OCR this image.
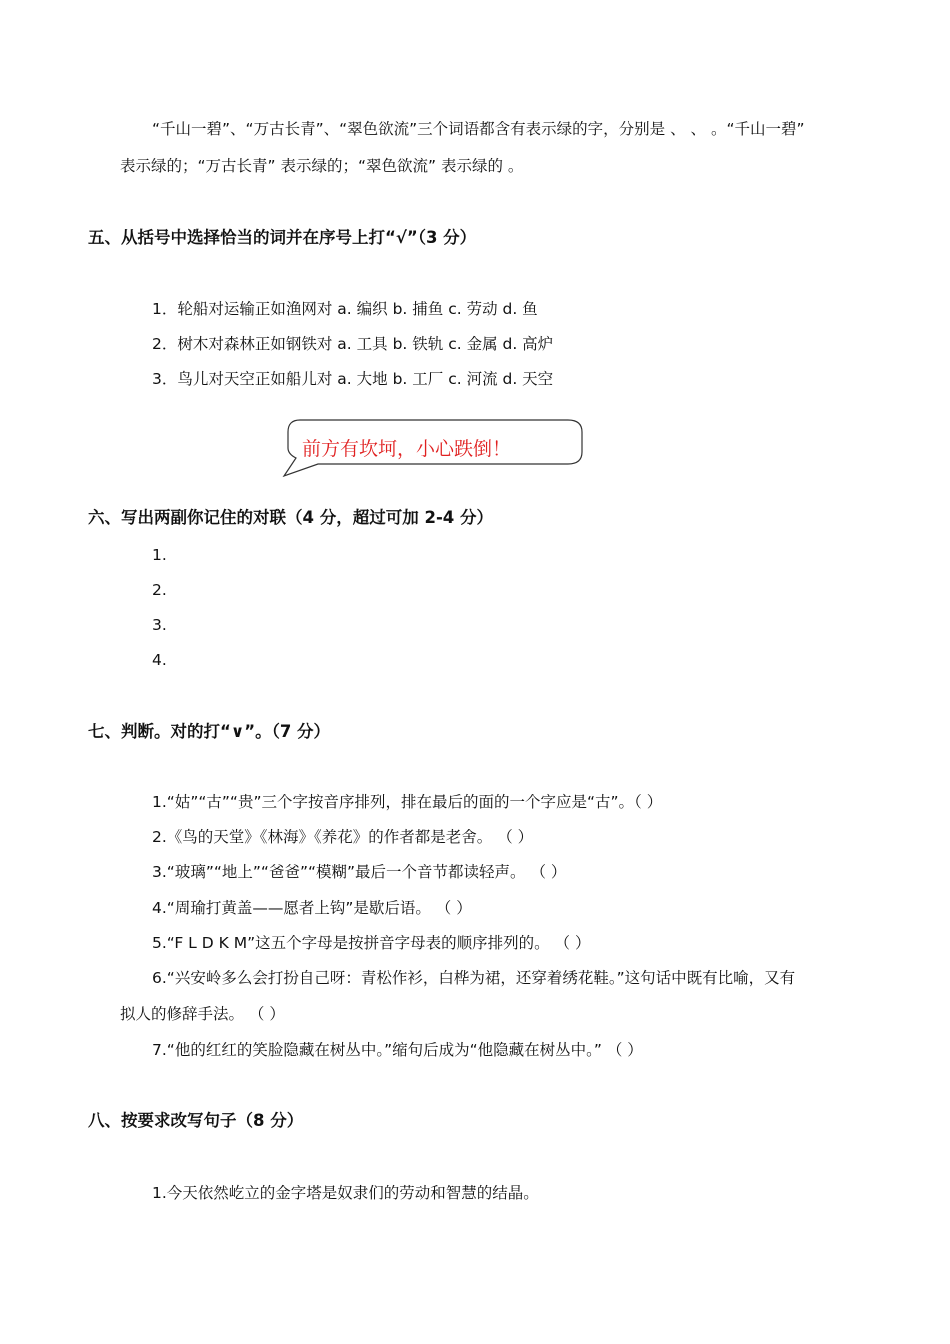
“千山一碧”、“万古长青”、“翠色欲流”三个词语都含有表示绿的字，分别是 、 、 。“千山一碧”
表示绿的；“万古长青” 表示绿的；“翠色欲流” 表示绿的 。
五、从括号中选择恰当的词并在序号上打“√”（3 分）
1．轮船对运输正如渔网对 a. 编织 b. 捕鱼 c. 劳动 d. 鱼
2．树木对森林正如钢铁对 a. 工具 b. 铁轨 c. 金属 d. 高炉
3．鸟儿对天空正如船儿对 a. 大地 b. 工厂 c. 河流 d. 天空
前方有坎坷，小心跌倒！
六、写出两副你记住的对联（4 分，超过可加 2-4 分）
1.
2.
3.
4.
七、判断。对的打“∨”。（7 分）
1.“姑”“古”“贵”三个字按音序排列，排在最后的面的一个字应是“古”。（ ）
2.《鸟的天堂》《林海》《养花》的作者都是老舍。 （ ）
3.“玻璃”“地上”“爸爸”“模糊”最后一个音节都读轻声。 （ ）
4.“周瑜打黄盖——愿者上钩”是歇后语。 （ ）
5.“F L D K M”这五个字母是按拼音字母表的顺序排列的。 （ ）
6.“兴安岭多么会打扮自己呀：青松作衫，白桦为裙，还穿着绣花鞋。”这句话中既有比喻，又有
拟人的修辞手法。 （ ）
7.“他的红红的笑脸隐藏在树丛中。”缩句后成为“他隐藏在树丛中。” （ ）
八、按要求改写句子（8 分）
1.今天依然屹立的金字塔是奴隶们的劳动和智慧的结晶。
